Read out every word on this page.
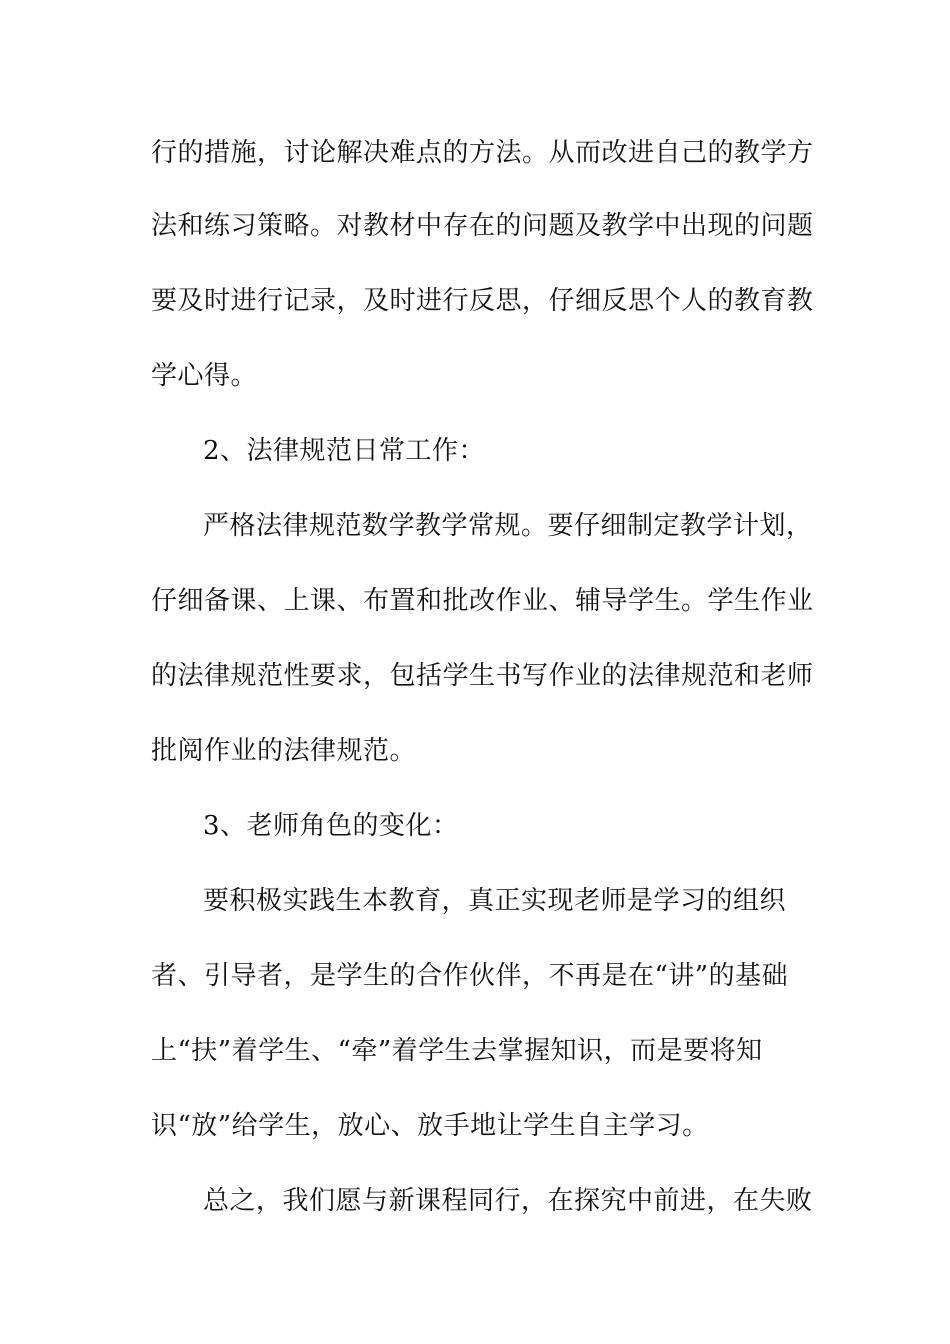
行的措施，讨论解决难点的方法。从而改进自己的教学方
法和练习策略。对教材中存在的问题及教学中出现的问题
要及时进行记录，及时进行反思，仔细反思个人的教育教
学心得。
2、法律规范日常工作：
严格法律规范数学教学常规。要仔细制定教学计划，
仔细备课、上课、布置和批改作业、辅导学生。学生作业
的法律规范性要求，包括学生书写作业的法律规范和老师
批阅作业的法律规范。
3、老师角色的变化：
要积极实践生本教育，真正实现老师是学习的组织
者、引导者，是学生的合作伙伴，不再是在“讲”的基础
上“扶”着学生、“牵”着学生去掌握知识，而是要将知
识“放”给学生，放心、放手地让学生自主学习。
总之，我们愿与新课程同行，在探究中前进，在失败
